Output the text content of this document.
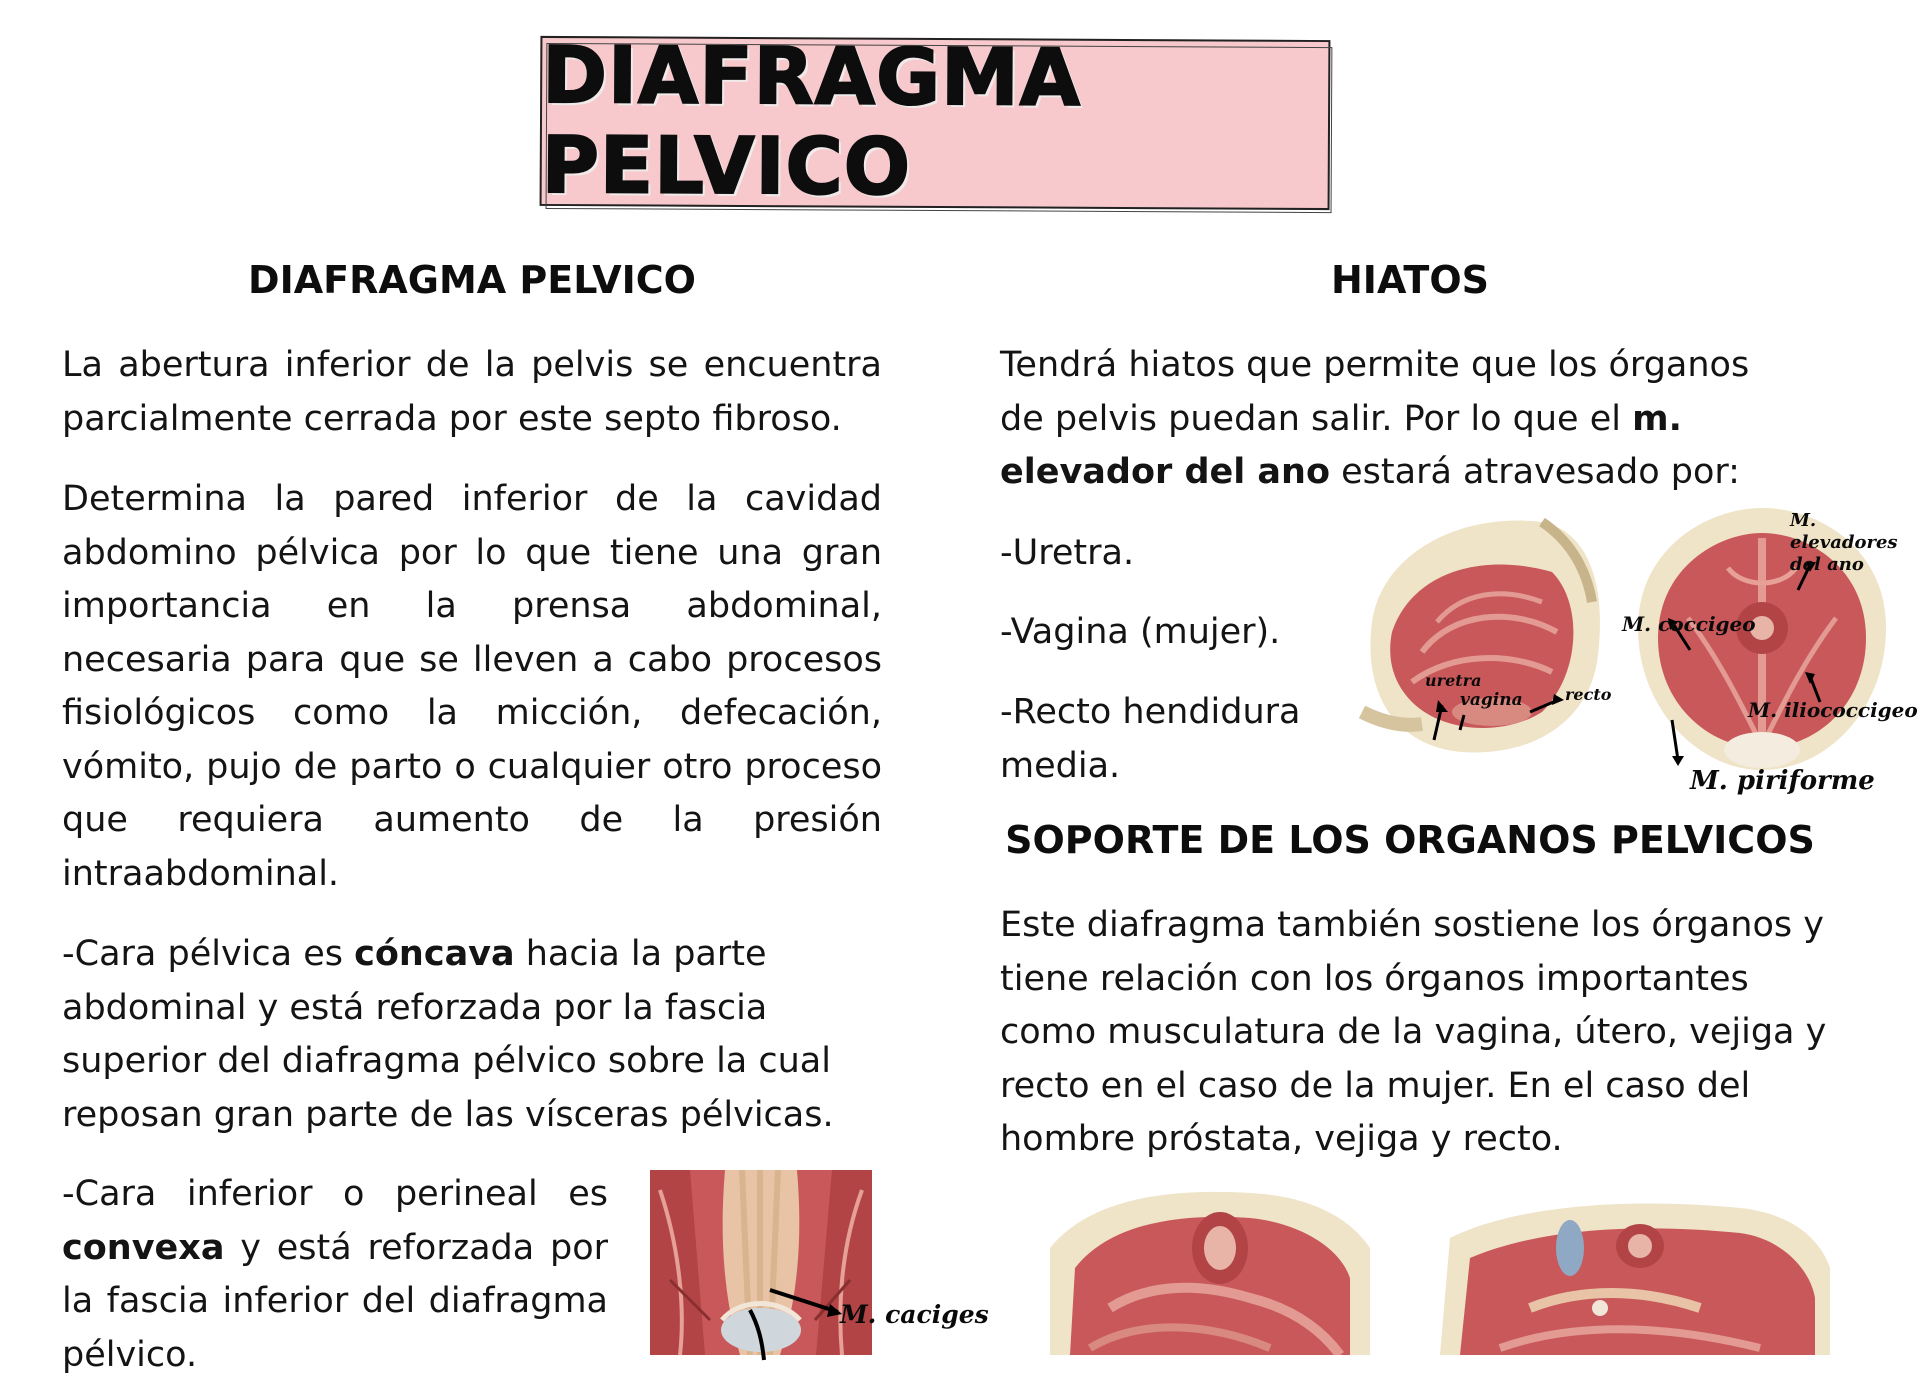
DIAFRAGMA PELVICO
DIAFRAGMA PELVICO

La abertura inferior de la pelvis se encuentra parcialmente cerrada por este septo fibroso.

Determina la pared inferior de la cavidad abdomino pélvica por lo que tiene una gran importancia en la prensa abdominal, necesaria para que se lleven a cabo procesos fisiológicos como la micción, defecación, vómito, pujo de parto o cualquier otro proceso que requiera aumento de la presión intraabdominal.

-Cara pélvica es cóncava hacia la parte abdominal y está reforzada por la fascia superior del diafragma pélvico sobre la cual reposan gran parte de las vísceras pélvicas.

-Cara inferior o perineal es convexa y está reforzada por la fascia inferior del diafragma pélvico.

M. caciges
HIATOS

Tendrá hiatos que permite que los órganos de pelvis puedan salir. Por lo que el m. elevador del ano estará atravesado por:

-Uretra.

-Vagina (mujer).

-Recto hendidura media.

uretra
vagina	recto
M. elevadores del ano
M. coccigeo
M. iliococcigeo
M. piriforme
SOPORTE DE LOS ORGANOS PELVICOS

Este diafragma también sostiene los órganos y tiene relación con los órganos importantes como musculatura de la vagina, útero, vejiga y recto en el caso de la mujer. En el caso del hombre próstata, vejiga y recto.
